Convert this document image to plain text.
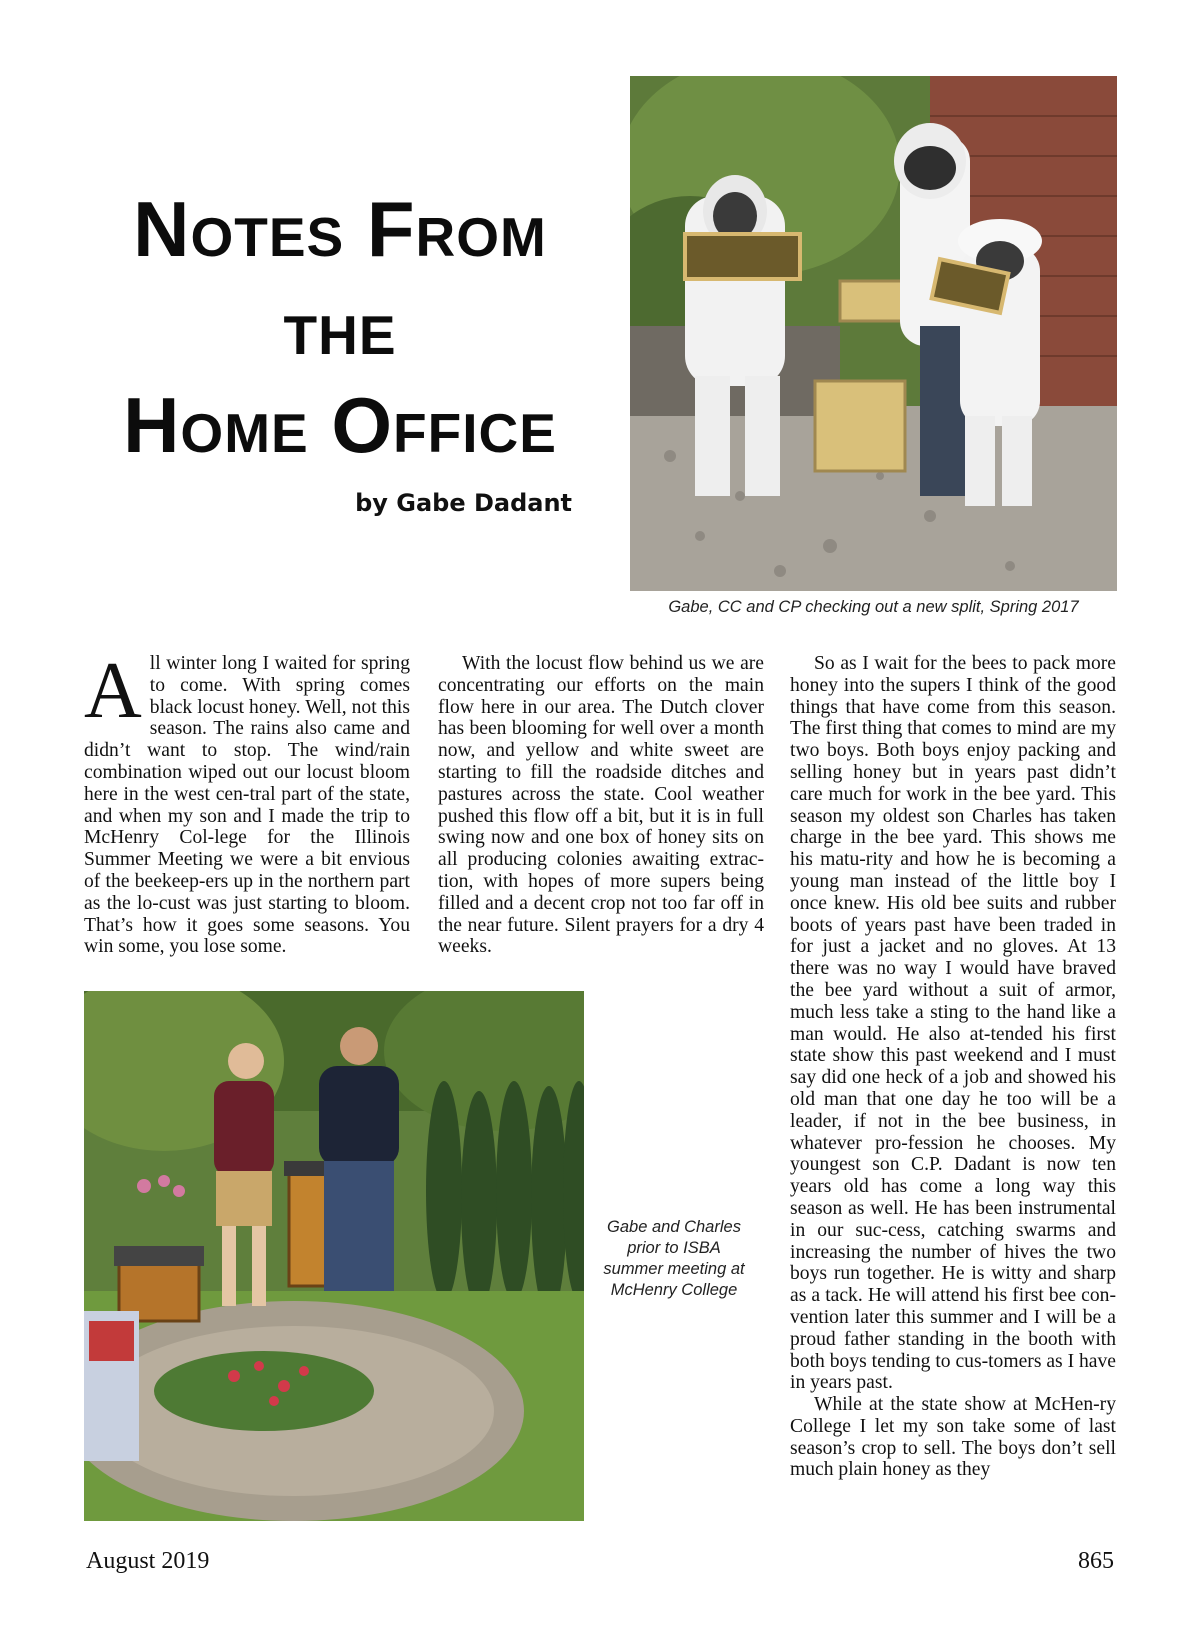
Notes From
the
Home Office
by Gabe Dadant
Gabe, CC and CP checking out a new split, Spring 2017

All winter long I waited for spring to come. With spring comes black locust honey. Well, not this season. The rains also came and didn’t want to stop. The wind/rain combination wiped out our locust bloom here in the west cen-tral part of the state, and when my son and I made the trip to McHenry Col-lege for the Illinois Summer Meeting we were a bit envious of the beekeep-ers up in the northern part as the lo-cust was just starting to bloom. That’s how it goes some seasons. You win some, you lose some.

With the locust flow behind us we are concentrating our efforts on the main flow here in our area. The Dutch clover has been blooming for well over a month now, and yellow and white sweet are starting to fill the roadside ditches and pastures across the state. Cool weather pushed this flow off a bit, but it is in full swing now and one box of honey sits on all producing colonies awaiting extrac-tion, with hopes of more supers being filled and a decent crop not too far off in the near future. Silent prayers for a dry 4 weeks.

So as I wait for the bees to pack more honey into the supers I think of the good things that have come from this season. The first thing that comes to mind are my two boys. Both boys enjoy packing and selling honey but in years past didn’t care much for work in the bee yard. This season my oldest son Charles has taken charge in the bee yard. This shows me his matu-rity and how he is becoming a young man instead of the little boy I once knew. His old bee suits and rubber boots of years past have been traded in for just a jacket and no gloves. At 13 there was no way I would have braved the bee yard without a suit of armor, much less take a sting to the hand like a man would. He also at-tended his first state show this past weekend and I must say did one heck of a job and showed his old man that one day he too will be a leader, if not in the bee business, in whatever pro-fession he chooses. My youngest son C.P. Dadant is now ten years old has come a long way this season as well. He has been instrumental in our suc-cess, catching swarms and increasing the number of hives the two boys run together. He is witty and sharp as a tack. He will attend his first bee con-vention later this summer and I will be a proud father standing in the booth with both boys tending to cus-tomers as I have in years past.

While at the state show at McHen-ry College I let my son take some of last season’s crop to sell. The boys don’t sell much plain honey as they

Gabe and Charles
prior to ISBA
summer meeting at
McHenry College
August 2019	865
